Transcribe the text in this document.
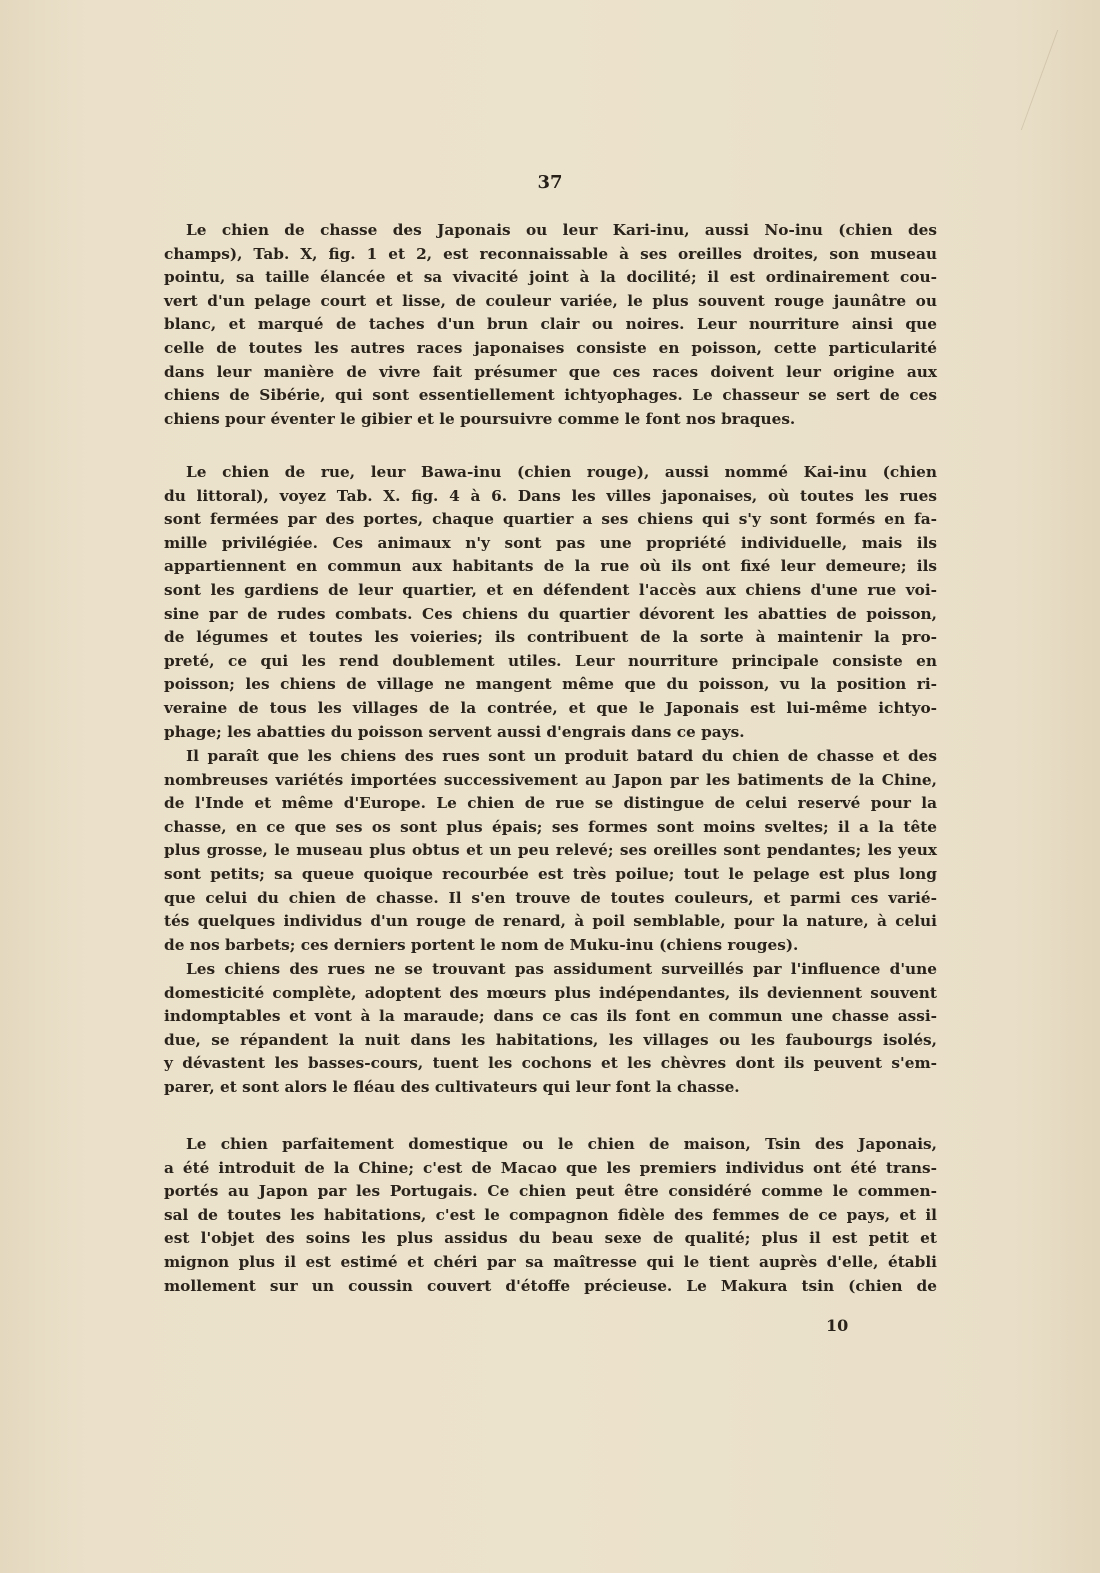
37
Le chien de chasse des Japonais ou leur Kari-inu, aussi No-inu (chien des
champs), Tab. X, fig. 1 et 2, est reconnaissable à ses oreilles droites, son museau
pointu, sa taille élancée et sa vivacité joint à la docilité; il est ordinairement cou-
vert d'un pelage court et lisse, de couleur variée, le plus souvent rouge jaunâtre ou
blanc, et marqué de taches d'un brun clair ou noires. Leur nourriture ainsi que
celle de toutes les autres races japonaises consiste en poisson, cette particularité
dans leur manière de vivre fait présumer que ces races doivent leur origine aux
chiens de Sibérie, qui sont essentiellement ichtyophages. Le chasseur se sert de ces
chiens pour éventer le gibier et le poursuivre comme le font nos braques.
Le chien de rue, leur Bawa-inu (chien rouge), aussi nommé Kai-inu (chien
du littoral), voyez Tab. X. fig. 4 à 6. Dans les villes japonaises, où toutes les rues
sont fermées par des portes, chaque quartier a ses chiens qui s'y sont formés en fa-
mille privilégiée. Ces animaux n'y sont pas une propriété individuelle, mais ils
appartiennent en commun aux habitants de la rue où ils ont fixé leur demeure; ils
sont les gardiens de leur quartier, et en défendent l'accès aux chiens d'une rue voi-
sine par de rudes combats. Ces chiens du quartier dévorent les abatties de poisson,
de légumes et toutes les voieries; ils contribuent de la sorte à maintenir la pro-
preté, ce qui les rend doublement utiles. Leur nourriture principale consiste en
poisson; les chiens de village ne mangent même que du poisson, vu la position ri-
veraine de tous les villages de la contrée, et que le Japonais est lui-même ichtyo-
phage; les abatties du poisson servent aussi d'engrais dans ce pays.
Il paraît que les chiens des rues sont un produit batard du chien de chasse et des
nombreuses variétés importées successivement au Japon par les batiments de la Chine,
de l'Inde et même d'Europe. Le chien de rue se distingue de celui reservé pour la
chasse, en ce que ses os sont plus épais; ses formes sont moins sveltes; il a la tête
plus grosse, le museau plus obtus et un peu relevé; ses oreilles sont pendantes; les yeux
sont petits; sa queue quoique recourbée est très poilue; tout le pelage est plus long
que celui du chien de chasse. Il s'en trouve de toutes couleurs, et parmi ces varié-
tés quelques individus d'un rouge de renard, à poil semblable, pour la nature, à celui
de nos barbets; ces derniers portent le nom de Muku-inu (chiens rouges).
Les chiens des rues ne se trouvant pas assidument surveillés par l'influence d'une
domesticité complète, adoptent des mœurs plus indépendantes, ils deviennent souvent
indomptables et vont à la maraude; dans ce cas ils font en commun une chasse assi-
due, se répandent la nuit dans les habitations, les villages ou les faubourgs isolés,
y dévastent les basses-cours, tuent les cochons et les chèvres dont ils peuvent s'em-
parer, et sont alors le fléau des cultivateurs qui leur font la chasse.
Le chien parfaitement domestique ou le chien de maison, Tsin des Japonais,
a été introduit de la Chine; c'est de Macao que les premiers individus ont été trans-
portés au Japon par les Portugais. Ce chien peut être considéré comme le commen-
sal de toutes les habitations, c'est le compagnon fidèle des femmes de ce pays, et il
est l'objet des soins les plus assidus du beau sexe de qualité; plus il est petit et
mignon plus il est estimé et chéri par sa maîtresse qui le tient auprès d'elle, établi
mollement sur un coussin couvert d'étoffe précieuse. Le Makura tsin (chien de
10
